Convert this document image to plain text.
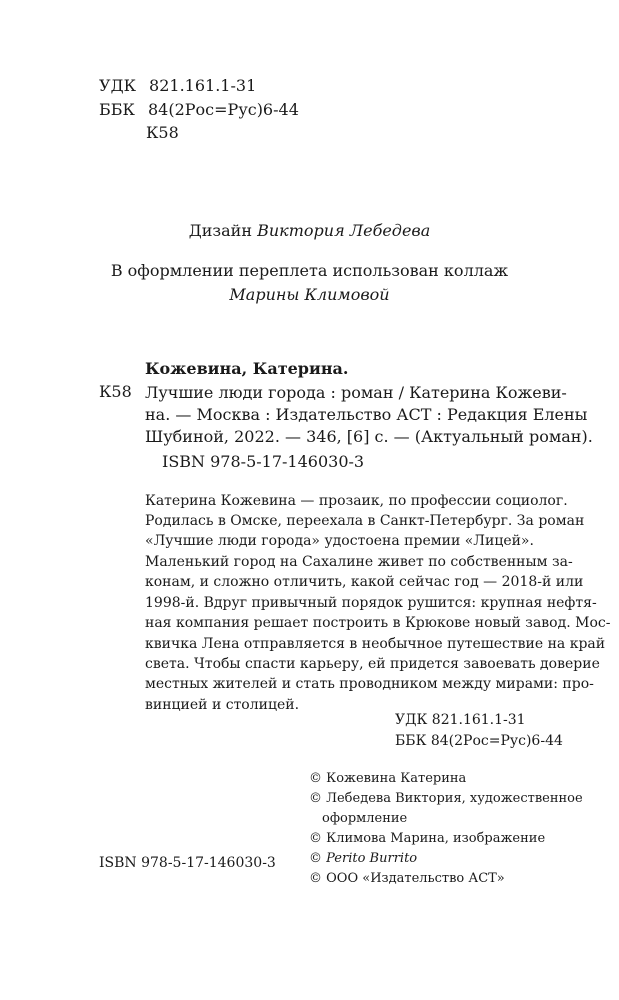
УДК 821.161.1-31
ББК 84(2Рос=Рус)6-44
К58
Дизайн Виктория Лебедева
В оформлении переплета использован коллаж
Марины Климовой
Кожевина, Катерина.
К58 Лучшие люди города : роман / Катерина Кожеви-
на. — Москва : Издательство АСТ : Редакция Елены
Шубиной, 2022. — 346, [6] с. — (Актуальный роман).
ISBN 978-5-17-146030-3
Катерина Кожевина — прозаик, по профессии социолог.
Родилась в Омске, переехала в Санкт-Петербург. За роман
«Лучшие люди города» удостоена премии «Лицей».
Маленький город на Сахалине живет по собственным за-
конам, и сложно отличить, какой сейчас год — 2018-й или
1998-й. Вдруг привычный порядок рушится: крупная нефтя-
ная компания решает построить в Крюкове новый завод. Мос-
квичка Лена отправляется в необычное путешествие на край
света. Чтобы спасти карьеру, ей придется завоевать доверие
местных жителей и стать проводником между мирами: про-
винцией и столицей.
УДК 821.161.1-31
ББК 84(2Рос=Рус)6-44
ISBN 978-5-17-146030-3
© Кожевина Катерина
© Лебедева Виктория, художественное
оформление
© Климова Марина, изображение
© Perito Burrito
© ООО «Издательство АСТ»
